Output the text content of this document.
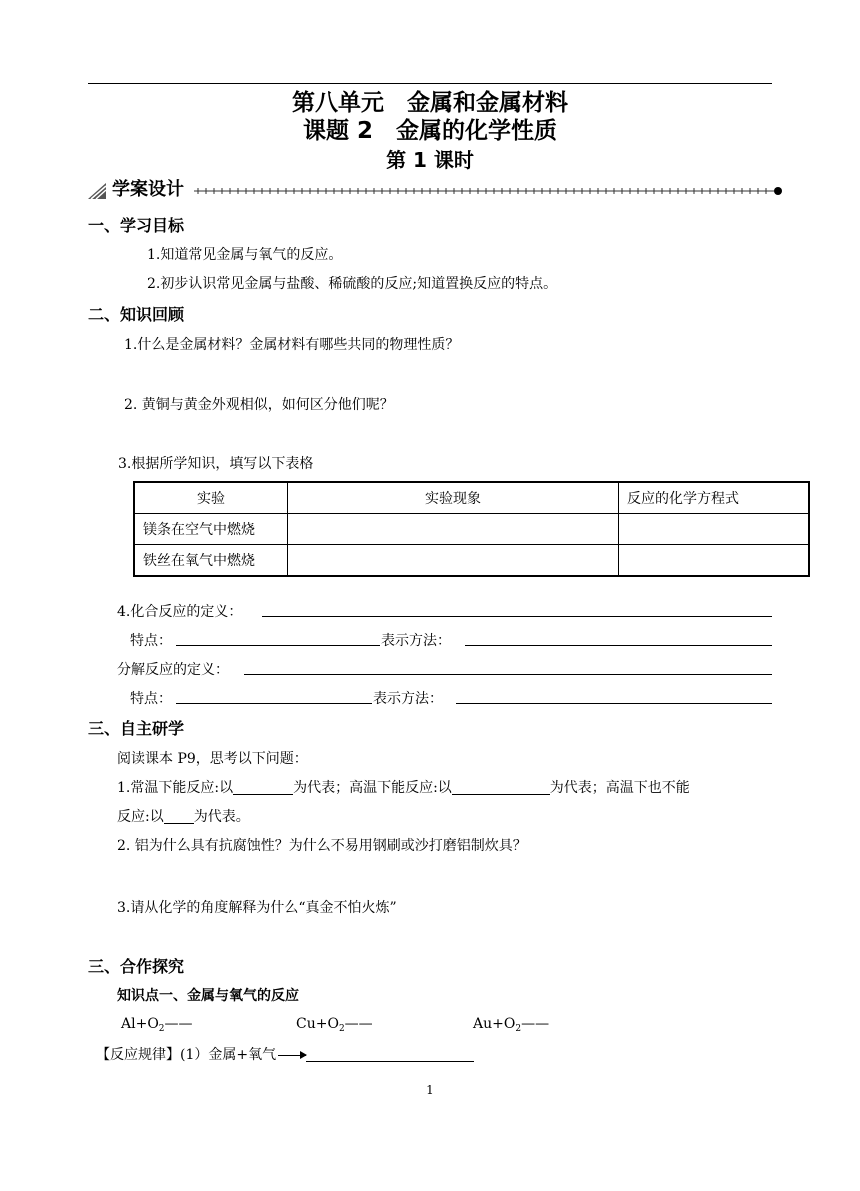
第八单元　金属和金属材料
课题 2　金属的化学性质
第 1 课时
学案设计
一、学习目标
1.知道常见金属与氧气的反应。
2.初步认识常见金属与盐酸、稀硫酸的反应;知道置换反应的特点。
二、知识回顾
1.什么是金属材料？金属材料有哪些共同的物理性质？
2. 黄铜与黄金外观相似，如何区分他们呢？
3.根据所学知识，填写以下表格
实验	实验现象	反应的化学方程式
镁条在空气中燃烧		
铁丝在氧气中燃烧		
4.化合反应的定义：
特点：	表示方法：
分解反应的定义：
特点：	表示方法：
三、自主研学
阅读课本 P9，思考以下问题：
1.常温下能反应:以	为代表；高温下能反应:以	为代表；高温下也不能
反应:以 为代表。
2. 铝为什么具有抗腐蚀性？为什么不易用钢刷或沙打磨铝制炊具？
3.请从化学的角度解释为什么“真金不怕火炼”
三、合作探究
知识点一、金属与氧气的反应
$Al+O_2——$	$Cu+O_2——$	$Au+O_2——$
【反应规律】(1）金属+氧气
1
